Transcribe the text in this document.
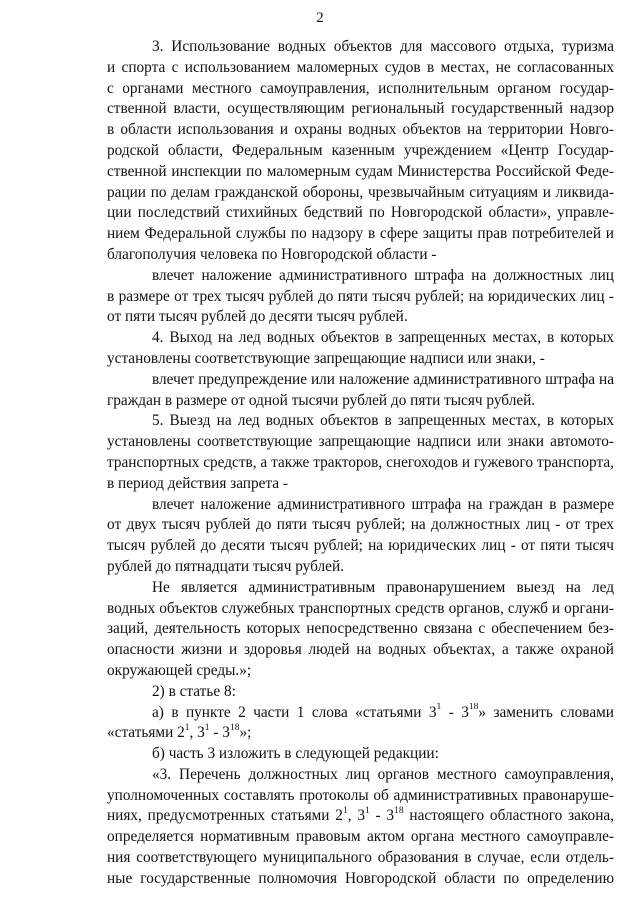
2
3. Использование водных объектов для массового отдыха, туризма
и спорта с использованием маломерных судов в местах, не согласованных
с органами местного самоуправления, исполнительным органом государ-
ственной власти, осуществляющим региональный государственный надзор
в области использования и охраны водных объектов на территории Новго-
родской области, Федеральным казенным учреждением «Центр Государ-
ственной инспекции по маломерным судам Министерства Российской Феде-
рации по делам гражданской обороны, чрезвычайным ситуациям и ликвида-
ции последствий стихийных бедствий по Новгородской области», управле-
нием Федеральной службы по надзору в сфере защиты прав потребителей и
благополучия человека по Новгородской области -
влечет наложение административного штрафа на должностных лиц
в размере от трех тысяч рублей до пяти тысяч рублей; на юридических лиц -
от пяти тысяч рублей до десяти тысяч рублей.
4. Выход на лед водных объектов в запрещенных местах, в которых
установлены соответствующие запрещающие надписи или знаки, -
влечет предупреждение или наложение административного штрафа на
граждан в размере от одной тысячи рублей до пяти тысяч рублей.
5. Выезд на лед водных объектов в запрещенных местах, в которых
установлены соответствующие запрещающие надписи или знаки автомото-
транспортных средств, а также тракторов, снегоходов и гужевого транспорта,
в период действия запрета -
влечет наложение административного штрафа на граждан в размере
от двух тысяч рублей до пяти тысяч рублей; на должностных лиц - от трех
тысяч рублей до десяти тысяч рублей; на юридических лиц - от пяти тысяч
рублей до пятнадцати тысяч рублей.
Не является административным правонарушением выезд на лед
водных объектов служебных транспортных средств органов, служб и органи-
заций, деятельность которых непосредственно связана с обеспечением без-
опасности жизни и здоровья людей на водных объектах, а также охраной
окружающей среды.»;
2) в статье 8:
а) в пункте 2 части 1 слова «статьями $3^1 - 3^{18}$» заменить словами
«статьями $2^1$, $3^1 - 3^{18}$»;
б) часть 3 изложить в следующей редакции:
«3. Перечень должностных лиц органов местного самоуправления,
уполномоченных составлять протоколы об административных правонаруше-
ниях, предусмотренных статьями $2^1$, $3^1 - 3^{18}$ настоящего областного закона,
определяется нормативным правовым актом органа местного самоуправле-
ния соответствующего муниципального образования в случае, если отдель-
ные государственные полномочия Новгородской области по определению
